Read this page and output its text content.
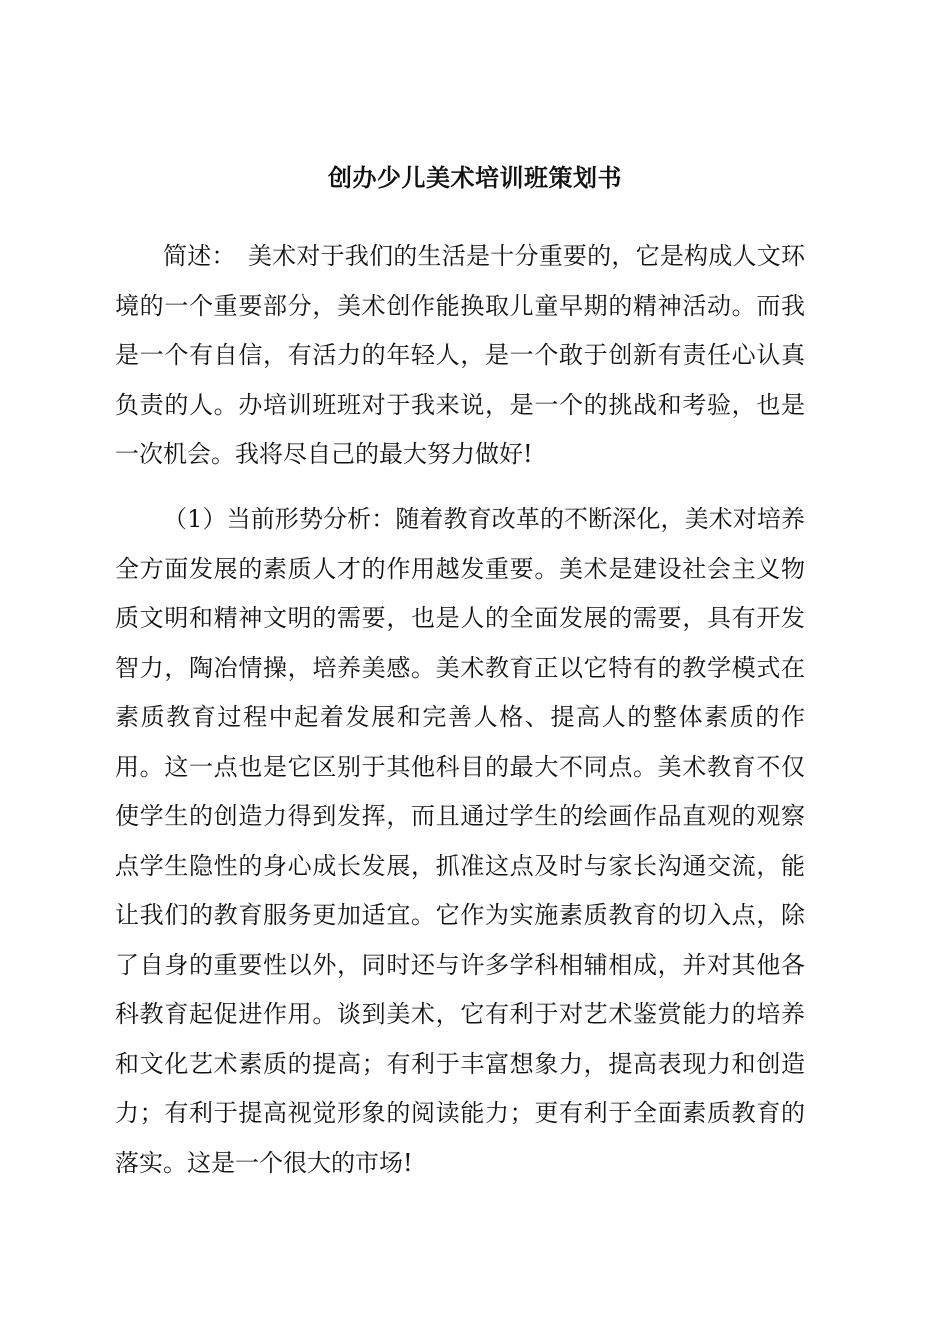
创办少儿美术培训班策划书

简述：　美术对于我们的生活是十分重要的，它是构成人文环境的一个重要部分，美术创作能换取儿童早期的精神活动。而我是一个有自信，有活力的年轻人，是一个敢于创新有责任心认真负责的人。办培训班班对于我来说，是一个的挑战和考验，也是一次机会。我将尽自己的最大努力做好!

（1）当前形势分析：随着教育改革的不断深化，美术对培养全方面发展的素质人才的作用越发重要。美术是建设社会主义物质文明和精神文明的需要，也是人的全面发展的需要，具有开发智力，陶冶情操，培养美感。美术教育正以它特有的教学模式在素质教育过程中起着发展和完善人格、提高人的整体素质的作用。这一点也是它区别于其他科目的最大不同点。美术教育不仅使学生的创造力得到发挥，而且通过学生的绘画作品直观的观察点学生隐性的身心成长发展，抓准这点及时与家长沟通交流，能让我们的教育服务更加适宜。它作为实施素质教育的切入点，除了自身的重要性以外，同时还与许多学科相辅相成，并对其他各科教育起促进作用。谈到美术，它有利于对艺术鉴赏能力的培养和文化艺术素质的提高；有利于丰富想象力，提高表现力和创造力；有利于提高视觉形象的阅读能力；更有利于全面素质教育的落实。这是一个很大的市场!
